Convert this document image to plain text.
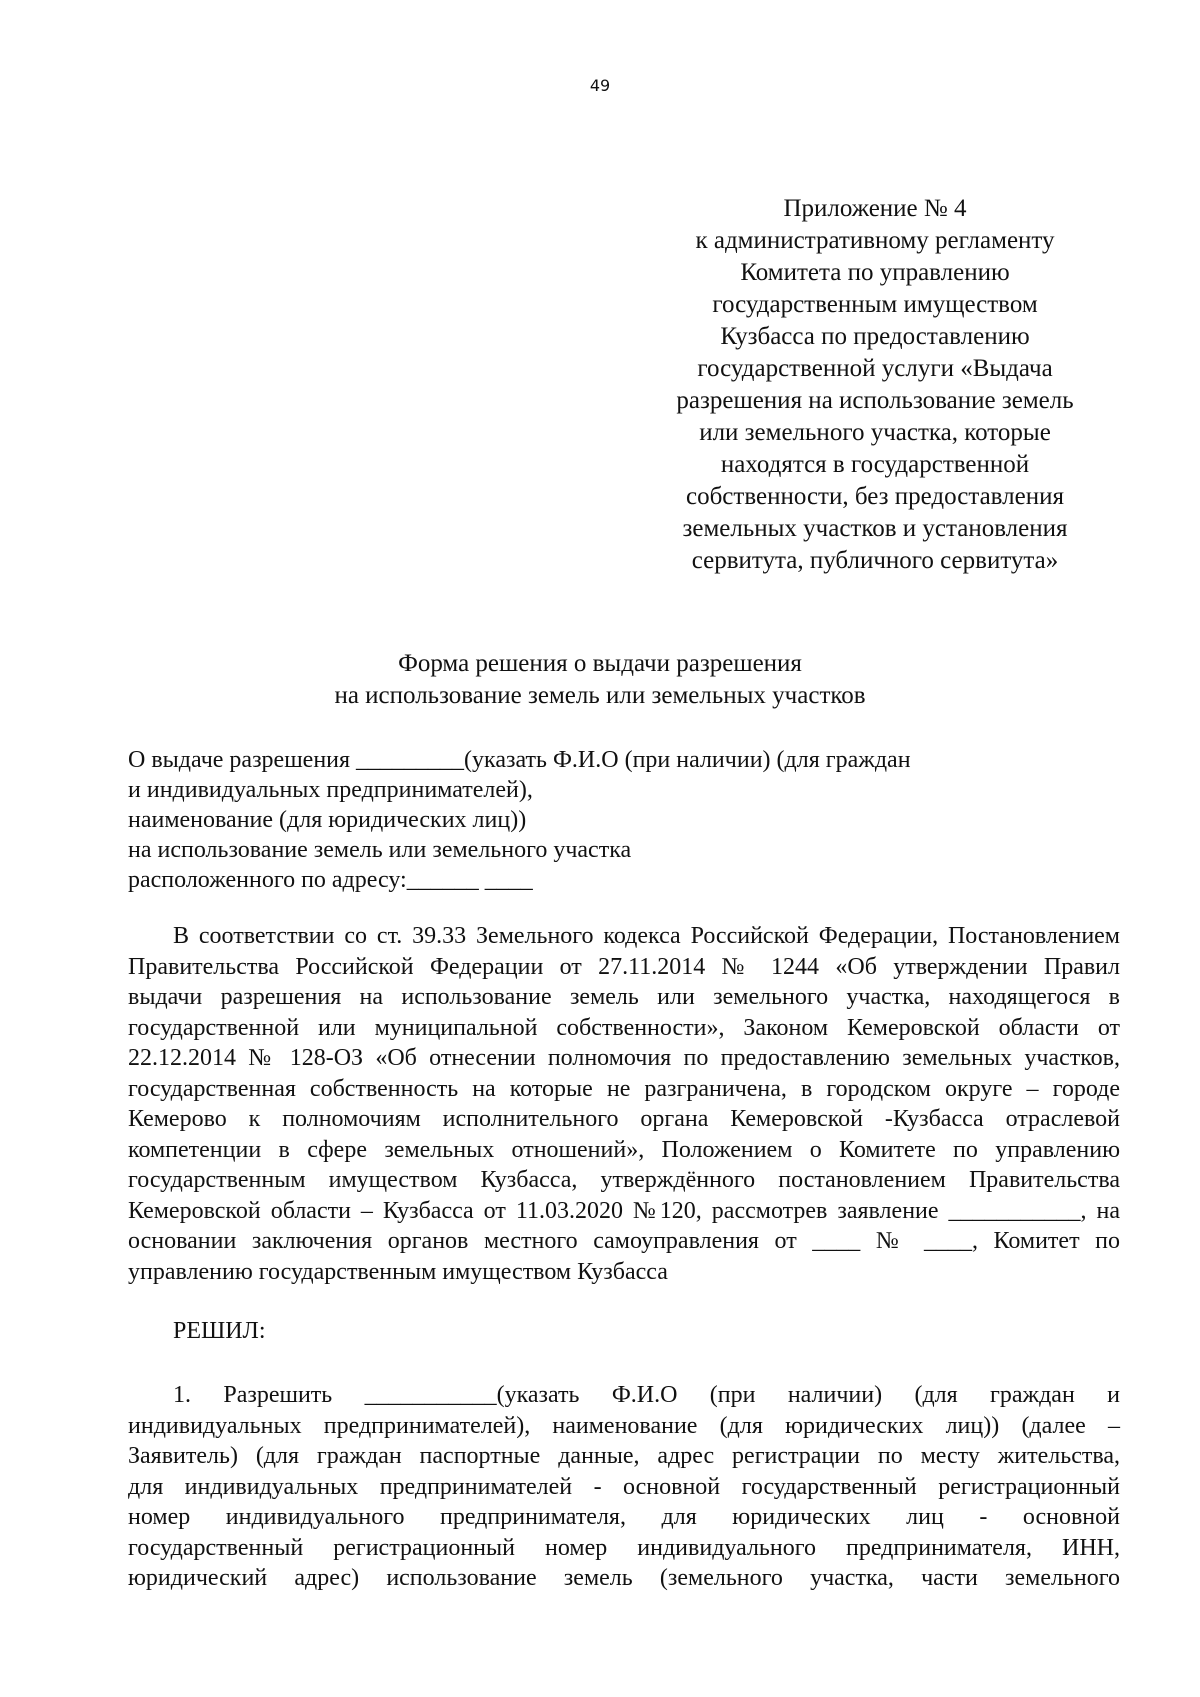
49
Приложение № 4
к административному регламенту
Комитета по управлению
государственным имуществом
Кузбасса по предоставлению
государственной услуги «Выдача
разрешения на использование земель
или земельного участка, которые
находятся в государственной
собственности, без предоставления
земельных участков и установления
сервитута, публичного сервитута»
Форма решения о выдачи разрешения
на использование земель или земельных участков
О выдаче разрешения _________(указать Ф.И.О (при наличии) (для граждан
и индивидуальных предпринимателей),
наименование (для юридических лиц))
на использование земель или земельного участка
расположенного по адресу:______ ____
В соответствии со ст. 39.33 Земельного кодекса Российской Федерации, Постановлением
Правительства Российской Федерации от 27.11.2014 № 1244 «Об утверждении Правил
выдачи разрешения на использование земель или земельного участка, находящегося в
государственной или муниципальной собственности», Законом Кемеровской области от
22.12.2014 № 128-ОЗ «Об отнесении полномочия по предоставлению земельных участков,
государственная собственность на которые не разграничена, в городском округе – городе
Кемерово к полномочиям исполнительного органа Кемеровской -Кузбасса отраслевой
компетенции в сфере земельных отношений», Положением о Комитете по управлению
государственным имуществом Кузбасса, утверждённого постановлением Правительства
Кемеровской области – Кузбасса от 11.03.2020 №120, рассмотрев заявление ___________, на
основании заключения органов местного самоуправления от ____ № ____, Комитет по
управлению государственным имуществом Кузбасса
РЕШИЛ:
1. Разрешить ___________(указать Ф.И.О (при наличии) (для граждан и
индивидуальных предпринимателей), наименование (для юридических лиц)) (далее –
Заявитель) (для граждан паспортные данные, адрес регистрации по месту жительства,
для индивидуальных предпринимателей - основной государственный регистрационный
номер индивидуального предпринимателя, для юридических лиц - основной
государственный регистрационный номер индивидуального предпринимателя, ИНН,
юридический адрес) использование земель (земельного участка, части земельного
